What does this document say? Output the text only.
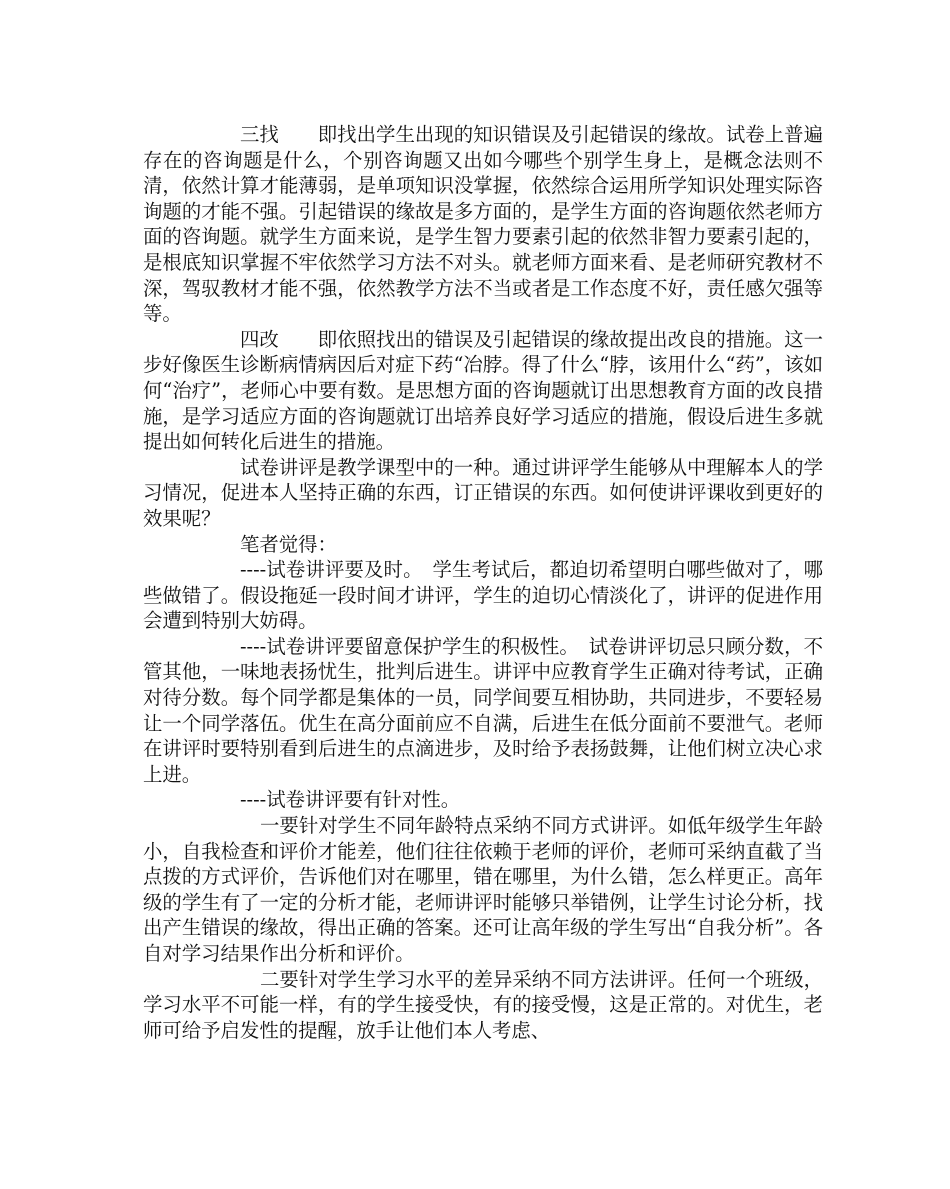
三找　　即找出学生出现的知识错误及引起错误的缘故。试卷上普遍存在的咨询题是什么，个别咨询题又出如今哪些个别学生身上，是概念法则不清，依然计算才能薄弱，是单项知识没掌握，依然综合运用所学知识处理实际咨询题的才能不强。引起错误的缘故是多方面的，是学生方面的咨询题依然老师方面的咨询题。就学生方面来说，是学生智力要素引起的依然非智力要素引起的，是根底知识掌握不牢依然学习方法不对头。就老师方面来看、是老师研究教材不深，驾驭教材才能不强，依然教学方法不当或者是工作态度不好，责任感欠强等等。

四改　　即依照找出的错误及引起错误的缘故提出改良的措施。这一步好像医生诊断病情病因后对症下药“冶脖。得了什么“脖，该用什么“药”，该如何“治疗”，老师心中要有数。是思想方面的咨询题就订出思想教育方面的改良措施，是学习适应方面的咨询题就订出培养良好学习适应的措施，假设后进生多就提出如何转化后进生的措施。

试卷讲评是教学课型中的一种。通过讲评学生能够从中理解本人的学习情况，促进本人坚持正确的东西，订正错误的东西。如何使讲评课收到更好的效果呢？

笔者觉得：

----试卷讲评要及时。　学生考试后，都迫切希望明白哪些做对了，哪些做错了。假设拖延一段时间才讲评，学生的迫切心情淡化了，讲评的促进作用会遭到特别大妨碍。

----试卷讲评要留意保护学生的积极性。　试卷讲评切忌只顾分数，不管其他，一味地表扬忧生，批判后进生。讲评中应教育学生正确对待考试，正确对待分数。每个同学都是集体的一员，同学间要互相协助，共同进步，不要轻易让一个同学落伍。优生在高分面前应不自满，后进生在低分面前不要泄气。老师在讲评时要特别看到后进生的点滴进步，及时给予表扬鼓舞，让他们树立决心求上进。

----试卷讲评要有针对性。

一要针对学生不同年龄特点采纳不同方式讲评。如低年级学生年龄小，自我检查和评价才能差，他们往往依赖于老师的评价，老师可采纳直截了当点拨的方式评价，告诉他们对在哪里，错在哪里，为什么错，怎么样更正。高年级的学生有了一定的分析才能，老师讲评时能够只举错例，让学生讨论分析，找出产生错误的缘故，得出正确的答案。还可让高年级的学生写出“自我分析”。各自对学习结果作出分析和评价。

二要针对学生学习水平的差异采纳不同方法讲评。任何一个班级，学习水平不可能一样，有的学生接受快，有的接受慢，这是正常的。对优生，老师可给予启发性的提醒，放手让他们本人考虑、
